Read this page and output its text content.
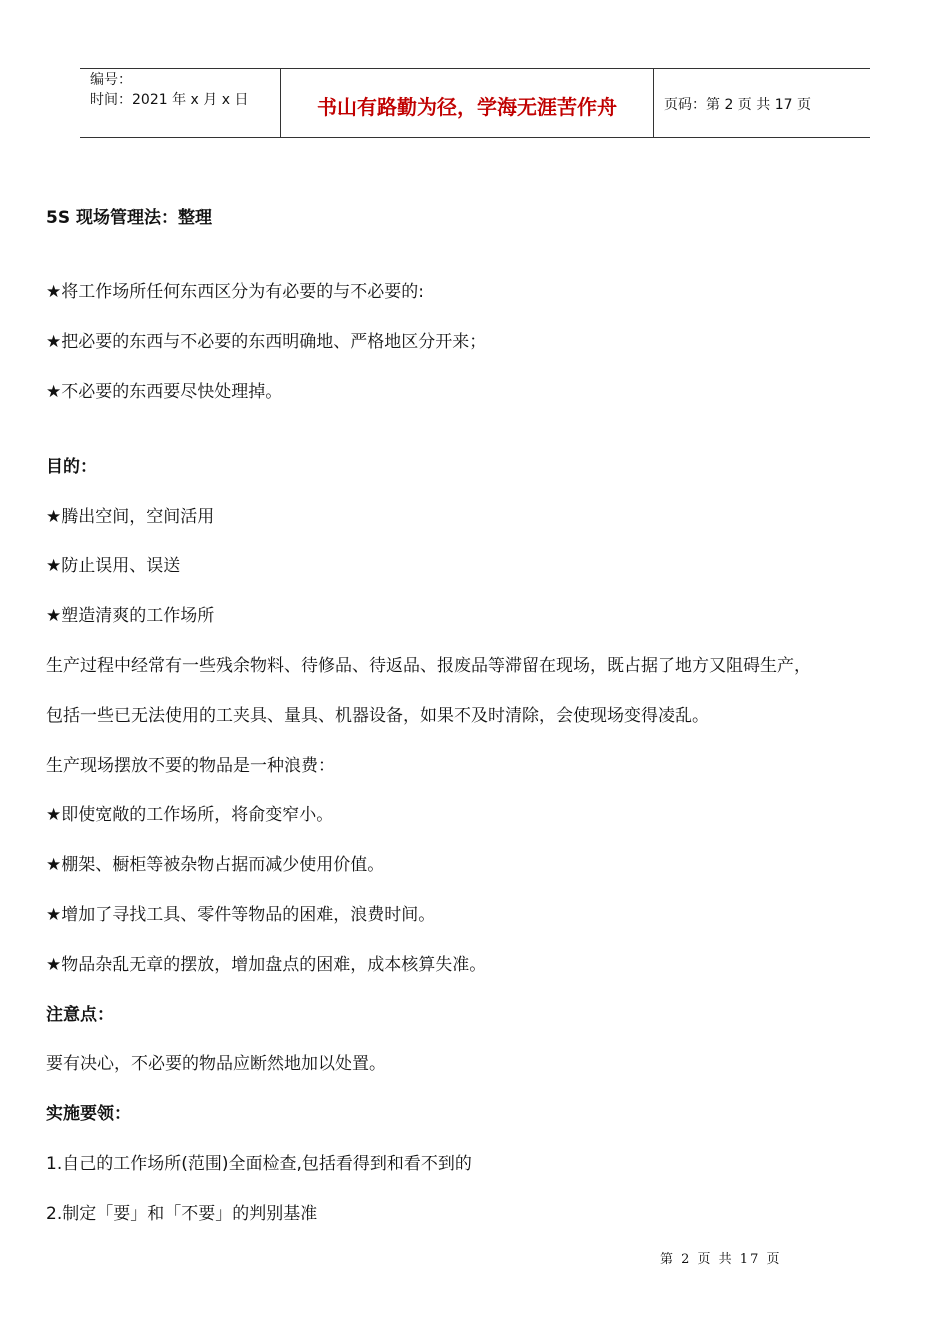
编号：
时间：2021 年 x 月 x 日	书山有路勤为径，学海无涯苦作舟	页码：第 2 页 共 17 页
5S 现场管理法：整理
★将工作场所任何东西区分为有必要的与不必要的:
★把必要的东西与不必要的东西明确地、严格地区分开来；
★不必要的东西要尽快处理掉。
目的：
★腾出空间，空间活用
★防止误用、误送
★塑造清爽的工作场所
生产过程中经常有一些残余物料、待修品、待返品、报废品等滞留在现场，既占据了地方又阻碍生产，
包括一些已无法使用的工夹具、量具、机器设备，如果不及时清除，会使现场变得凌乱。
生产现场摆放不要的物品是一种浪费：
★即使宽敞的工作场所，将俞变窄小。
★棚架、橱柜等被杂物占据而减少使用价值。
★增加了寻找工具、零件等物品的困难，浪费时间。
★物品杂乱无章的摆放，增加盘点的困难，成本核算失准。
注意点：
要有决心，不必要的物品应断然地加以处置。
实施要领：
1.自己的工作场所(范围)全面检查,包括看得到和看不到的
2.制定「要」和「不要」的判别基准
第 2 页 共 17 页
